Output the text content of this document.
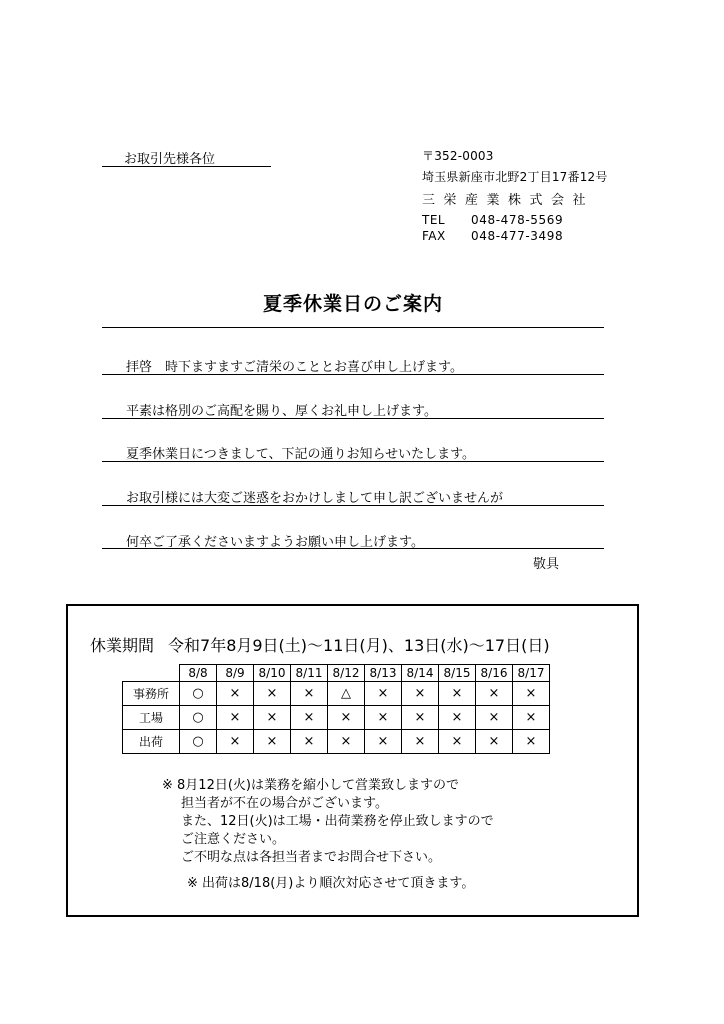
お取引先様各位	〒352-0003
埼玉県新座市北野2丁目17番12号
三栄産業株式会社
TEL 048-478-5569
FAX 048-477-3498
夏季休業日のご案内
拝啓　時下ますますご清栄のこととお喜び申し上げます。
平素は格別のご高配を賜り、厚くお礼申し上げます。
夏季休業日につきまして、下記の通りお知らせいたします。
お取引様には大変ご迷惑をおかけしまして申し訳ございませんが
何卒ご了承くださいますようお願い申し上げます。
敬具
休業期間 令和7年8月9日(土)～11日(月)、13日(水)～17日(日)
	8/8	8/9	8/10	8/11	8/12	8/13	8/14	8/15	8/16	8/17
事務所	○	×	×	×	△	×	×	×	×	×
工場	○	×	×	×	×	×	×	×	×	×
出荷	○	×	×	×	×	×	×	×	×	×
※ 8月12日(火)は業務を縮小して営業致しますので
担当者が不在の場合がございます。
また、12日(火)は工場・出荷業務を停止致しますので
ご注意ください。
ご不明な点は各担当者までお問合せ下さい。
※ 出荷は8/18(月)より順次対応させて頂きます。
